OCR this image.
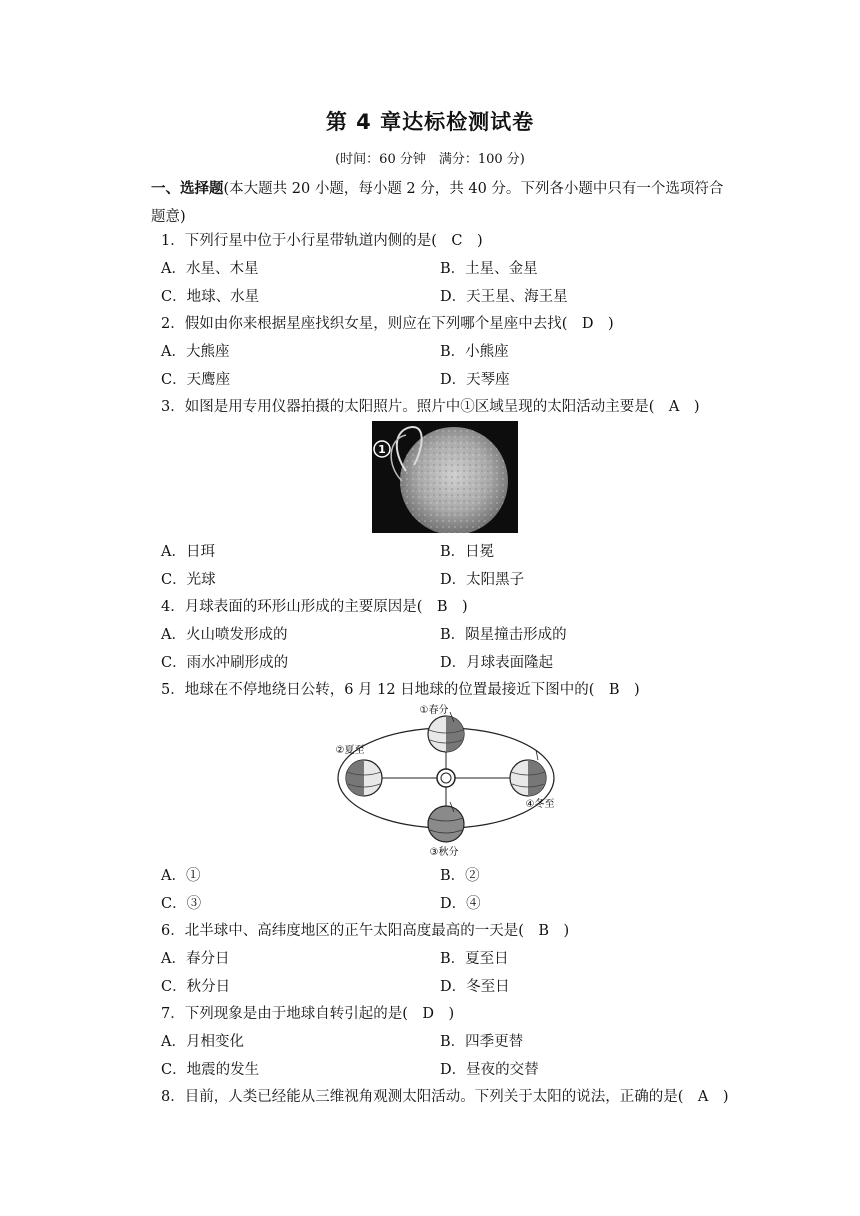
第 4 章达标检测试卷
(时间：60 分钟　满分：100 分)
一、选择题(本大题共 20 小题，每小题 2 分，共 40 分。下列各小题中只有一个选项符合题意)
1．下列行星中位于小行星带轨道内侧的是(　C　)
A．水星、木星	B．土星、金星
C．地球、水星	D．天王星、海王星
2．假如由你来根据星座找织女星，则应在下列哪个星座中去找(　D　)
A．大熊座	B．小熊座
C．天鹰座	D．天琴座
3．如图是用专用仪器拍摄的太阳照片。照片中①区域呈现的太阳活动主要是(　A　)
1
A．日珥	B．日冕
C．光球	D．太阳黑子
4．月球表面的环形山形成的主要原因是(　B　)
A．火山喷发形成的	B．陨星撞击形成的
C．雨水冲刷形成的	D．月球表面隆起
5．地球在不停地绕日公转，6 月 12 日地球的位置最接近下图中的(　B　)
①春分
②夏至
③秋分
④冬至
A．①	B．②
C．③	D．④
6．北半球中、高纬度地区的正午太阳高度最高的一天是(　B　)
A．春分日	B．夏至日
C．秋分日	D．冬至日
7．下列现象是由于地球自转引起的是(　D　)
A．月相变化	B．四季更替
C．地震的发生	D．昼夜的交替
8．目前，人类已经能从三维视角观测太阳活动。下列关于太阳的说法，正确的是(　A　)
